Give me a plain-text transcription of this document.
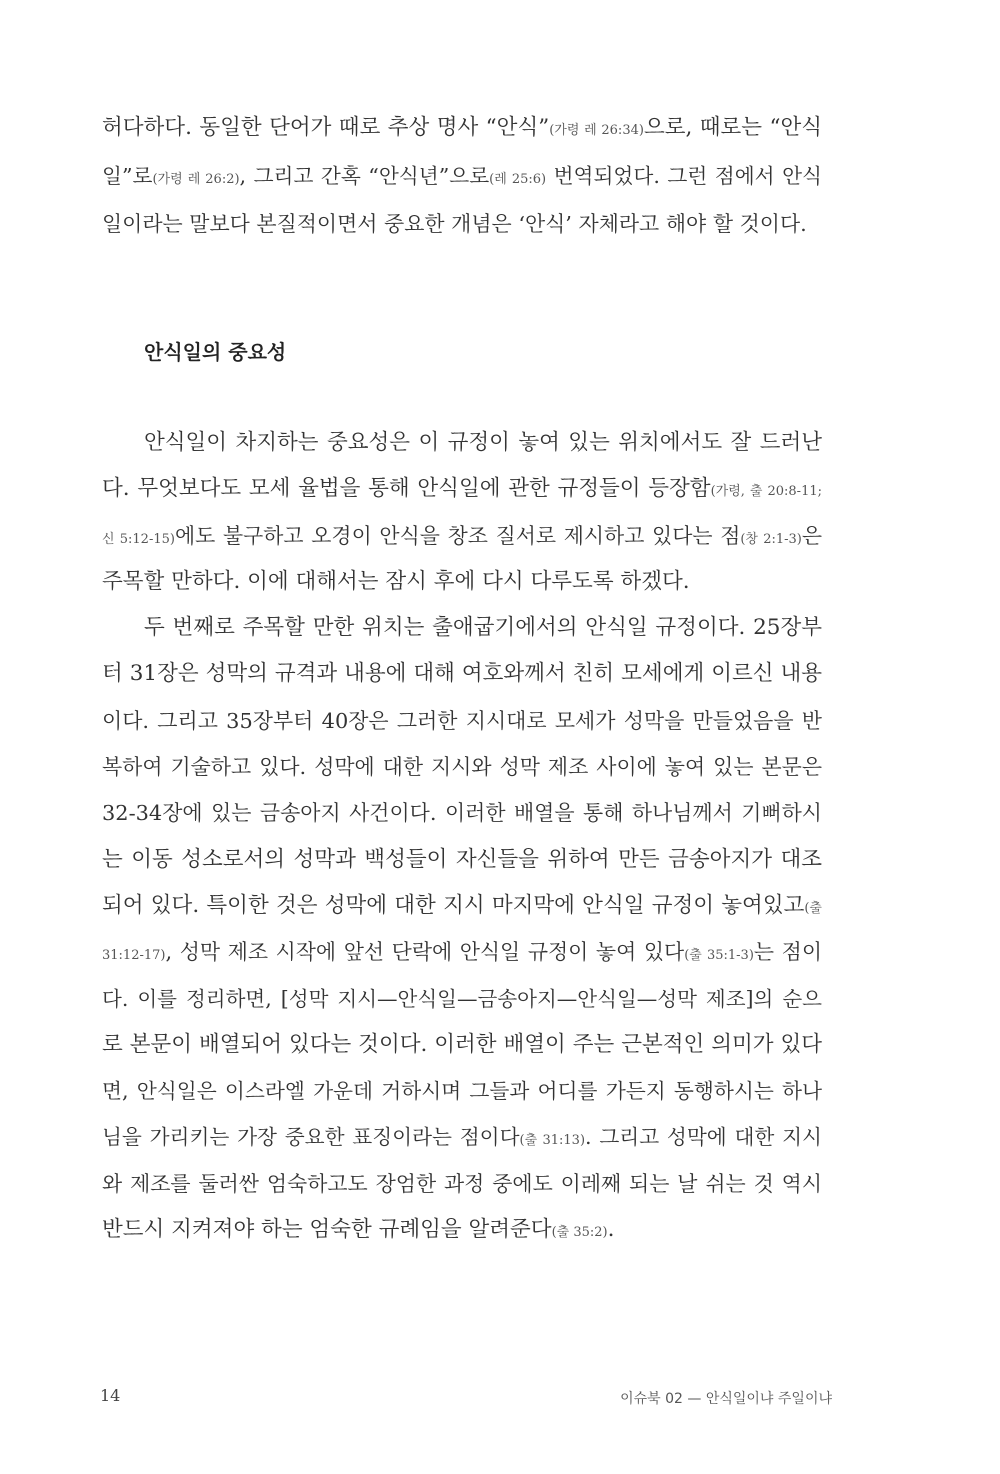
허다하다. 동일한 단어가 때로 추상 명사 “안식”(가령 레 26:34)으로, 때로는 “안식
일”로(가령 레 26:2), 그리고 간혹 “안식년”으로(레 25:6) 번역되었다. 그런 점에서 안식
일이라는 말보다 본질적이면서 중요한 개념은 ‘안식’ 자체라고 해야 할 것이다.
안식일의 중요성
안식일이 차지하는 중요성은 이 규정이 놓여 있는 위치에서도 잘 드러난
다. 무엇보다도 모세 율법을 통해 안식일에 관한 규정들이 등장함(가령, 출 20:8-11;
신 5:12-15)에도 불구하고 오경이 안식을 창조 질서로 제시하고 있다는 점(창 2:1-3)은
주목할 만하다. 이에 대해서는 잠시 후에 다시 다루도록 하겠다.
두 번째로 주목할 만한 위치는 출애굽기에서의 안식일 규정이다. 25장부
터 31장은 성막의 규격과 내용에 대해 여호와께서 친히 모세에게 이르신 내용
이다. 그리고 35장부터 40장은 그러한 지시대로 모세가 성막을 만들었음을 반
복하여 기술하고 있다. 성막에 대한 지시와 성막 제조 사이에 놓여 있는 본문은
32-34장에 있는 금송아지 사건이다. 이러한 배열을 통해 하나님께서 기뻐하시
는 이동 성소로서의 성막과 백성들이 자신들을 위하여 만든 금송아지가 대조
되어 있다. 특이한 것은 성막에 대한 지시 마지막에 안식일 규정이 놓여있고(출
31:12-17), 성막 제조 시작에 앞선 단락에 안식일 규정이 놓여 있다(출 35:1-3)는 점이
다. 이를 정리하면, [성막 지시—안식일—금송아지—안식일—성막 제조]의 순으
로 본문이 배열되어 있다는 것이다. 이러한 배열이 주는 근본적인 의미가 있다
면, 안식일은 이스라엘 가운데 거하시며 그들과 어디를 가든지 동행하시는 하나
님을 가리키는 가장 중요한 표징이라는 점이다(출 31:13). 그리고 성막에 대한 지시
와 제조를 둘러싼 엄숙하고도 장엄한 과정 중에도 이레째 되는 날 쉬는 것 역시
반드시 지켜져야 하는 엄숙한 규례임을 알려준다(출 35:2).
14	이슈북 02 — 안식일이냐 주일이냐
